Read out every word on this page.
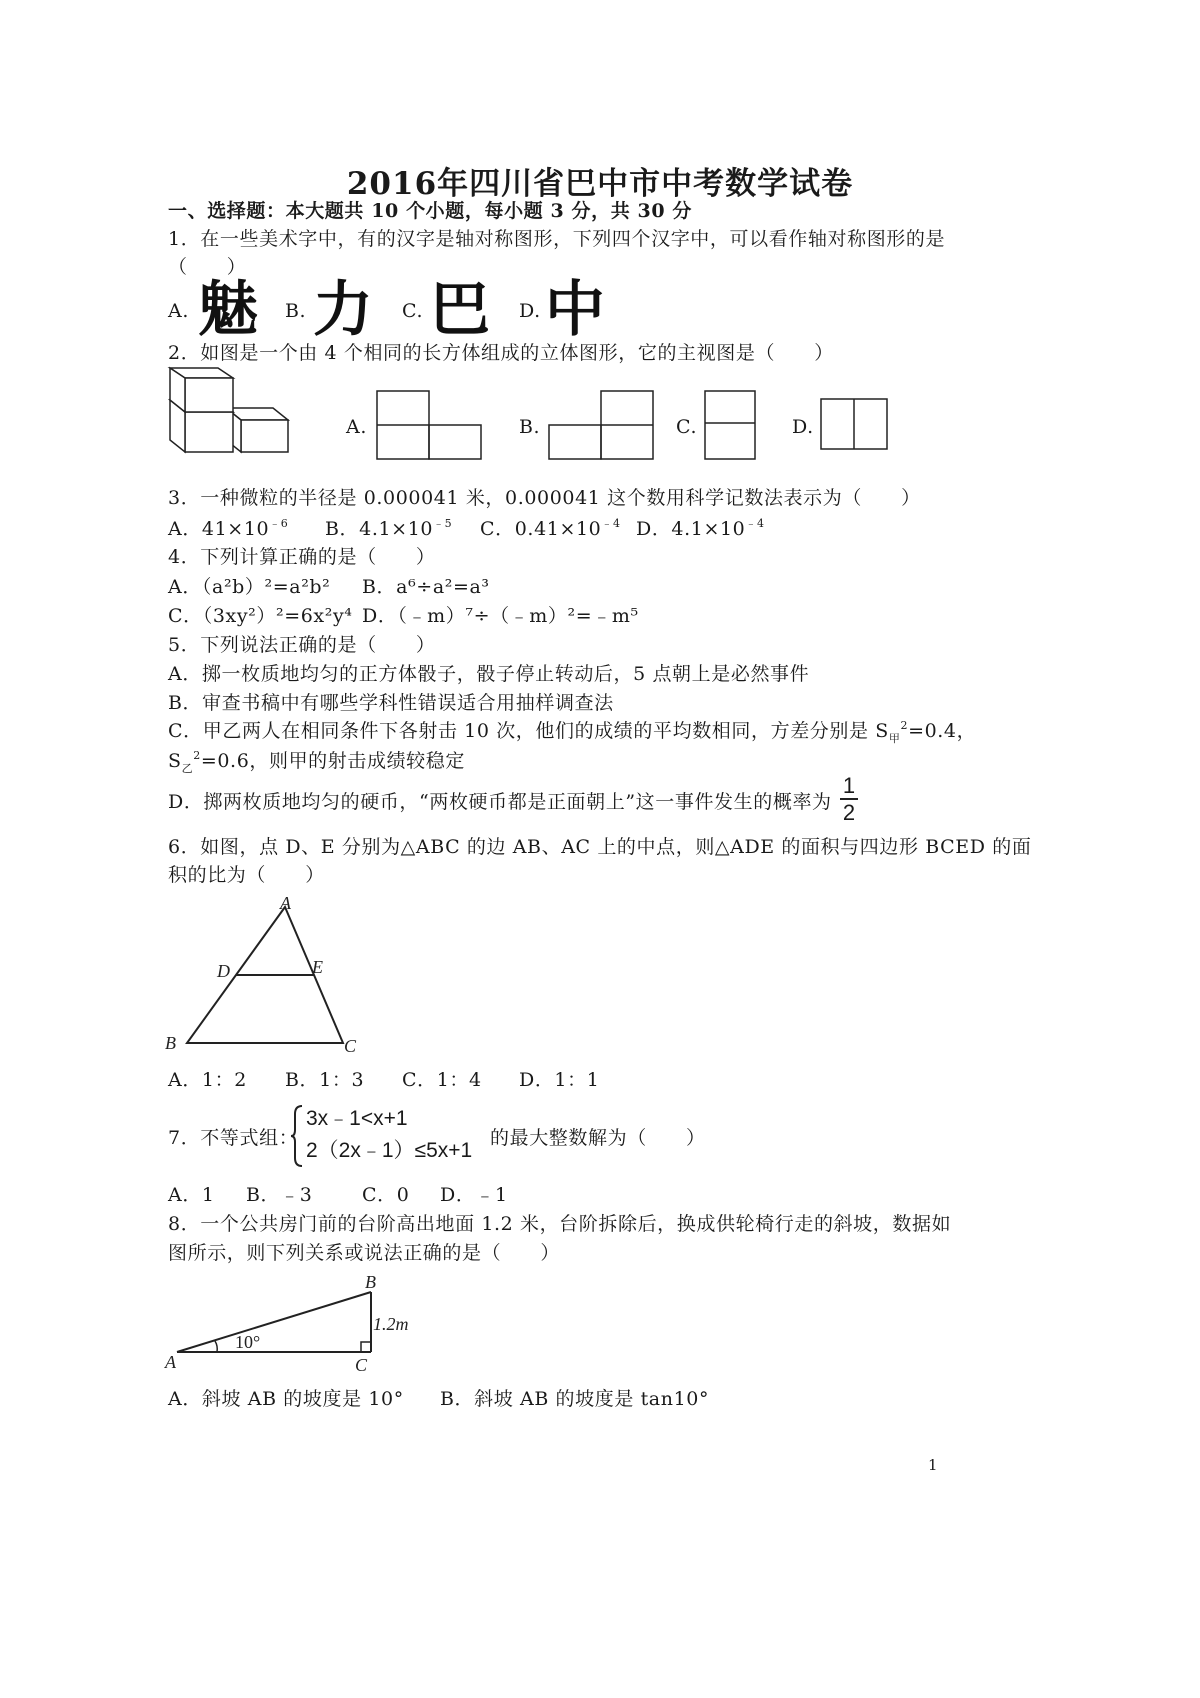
2016年四川省巴中市中考数学试卷
一、选择题：本大题共 10 个小题，每小题 3 分，共 30 分
1．在一些美术字中，有的汉字是轴对称图形，下列四个汉字中，可以看作轴对称图形的是
（　　）
A. 魅 B. 力 C. 巴 D. 中
2．如图是一个由 4 个相同的长方体组成的立体图形，它的主视图是（　　）
A.	B.	C.	D.
3．一种微粒的半径是 0.000041 米，0.000041 这个数用科学记数法表示为（　　）
A．$41\times 10^{﹣6}$ B．$4.1\times 10^{﹣5}$ C．$0.41\times 10^{﹣4}$ D．$4.1\times 10^{﹣4}$
4．下列计算正确的是（　　）
A．（a²b）²=a²b² B．a⁶÷a²=a³
C．（3xy²）²=6x²y⁴ D．（﹣m）⁷÷（﹣m）²=﹣m⁵
5．下列说法正确的是（　　）
A．掷一枚质地均匀的正方体骰子，骰子停止转动后，5 点朝上是必然事件
B．审查书稿中有哪些学科性错误适合用抽样调查法
C．甲乙两人在相同条件下各射击 10 次，他们的成绩的平均数相同，方差分别是 $S_甲^2=0.4$，
$S_乙^2=0.6$，则甲的射击成绩较稳定
D．掷两枚质地均匀的硬币，“两枚硬币都是正面朝上”这一事件发生的概率为
1
2
6．如图，点 D、E 分别为△ABC 的边 AB、AC 上的中点，则△ADE 的面积与四边形 BCED 的面
积的比为（　　）
A
B	C
D	E
A．1：2 B．1：3 C．1：4 D．1：1
7．不等式组：
3x﹣1<x+1
2（2x﹣1）≤5x+1
的最大整数解为（　　）
A．1 B．﹣3	C．0 D．﹣1
8．一个公共房门前的台阶高出地面 1.2 米，台阶拆除后，换成供轮椅行走的斜坡，数据如
图所示，则下列关系或说法正确的是（　　）
B
A	C
1.2m
10°
A．斜坡 AB 的坡度是 10° B．斜坡 AB 的坡度是 tan10°
1
